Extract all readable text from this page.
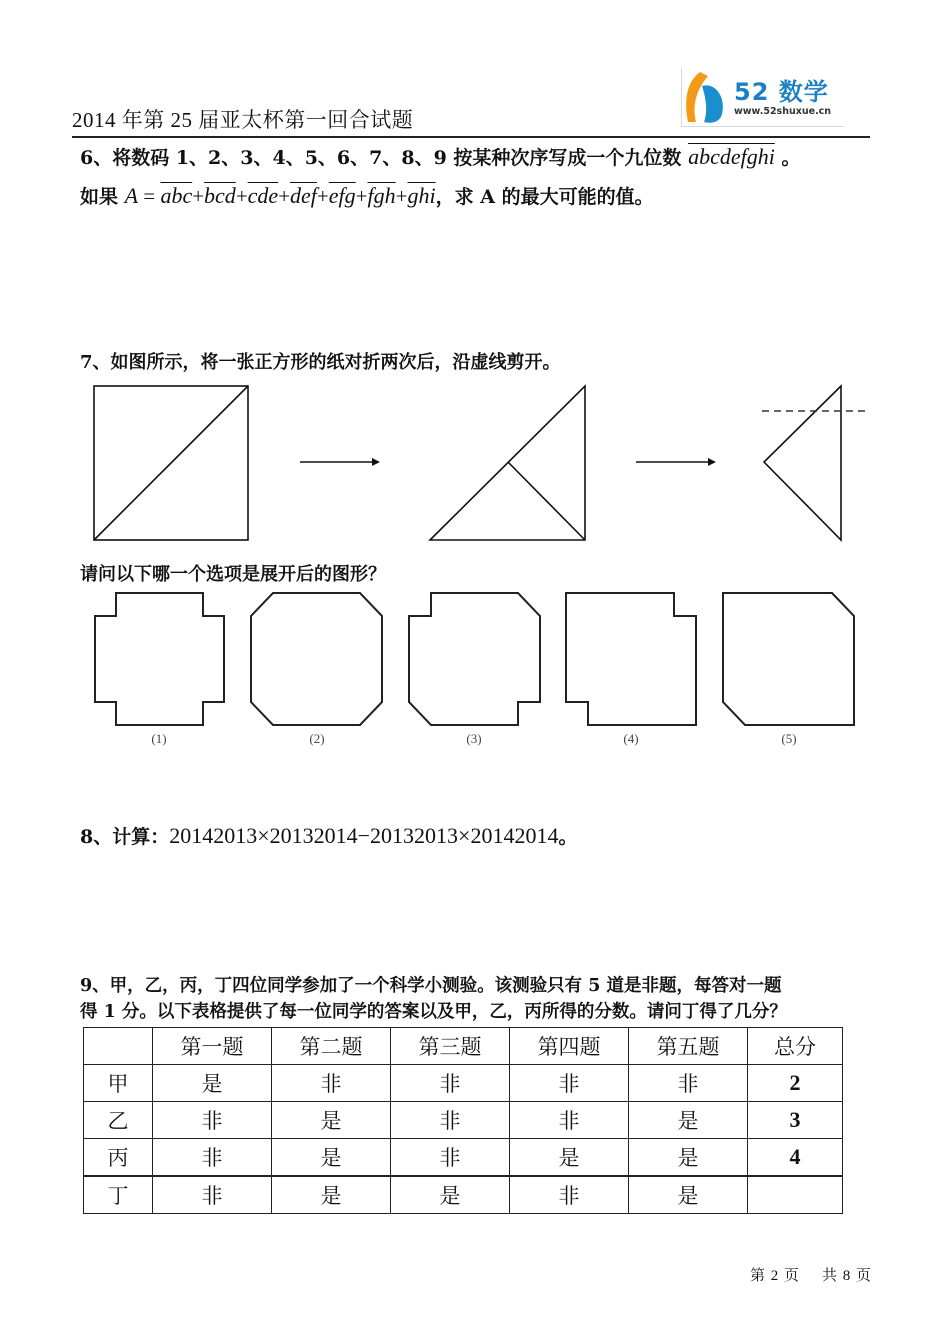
2014 年第 25 届亚太杯第一回合试题
52 数学
www.52shuxue.cn
6、将数码 1、2、3、4、5、6、7、8、9 按某种次序写成一个九位数 abcdefghi 。
如果 $A = \overline{abc}+\overline{bcd}+\overline{cde}+\overline{def}+\overline{efg}+\overline{fgh}+\overline{ghi}$，求 A 的最大可能的值。
7、如图所示，将一张正方形的纸对折两次后，沿虚线剪开。
请问以下哪一个选项是展开后的图形？
(1)	(2)	(3)	(4)	(5)
8、计算：20142013×20132014−20132013×20142014。
9、甲，乙，丙，丁四位同学参加了一个科学小测验。该测验只有 5 道是非题，每答对一题
得 1 分。以下表格提供了每一位同学的答案以及甲，乙，丙所得的分数。请问丁得了几分？
	第一题	第二题	第三题	第四题	第五题	总分
甲	是	非	非	非	非	2
乙	非	是	非	非	是	3
丙	非	是	非	是	是	4
丁	非	是	是	非	是	
第 2 页 共 8 页
